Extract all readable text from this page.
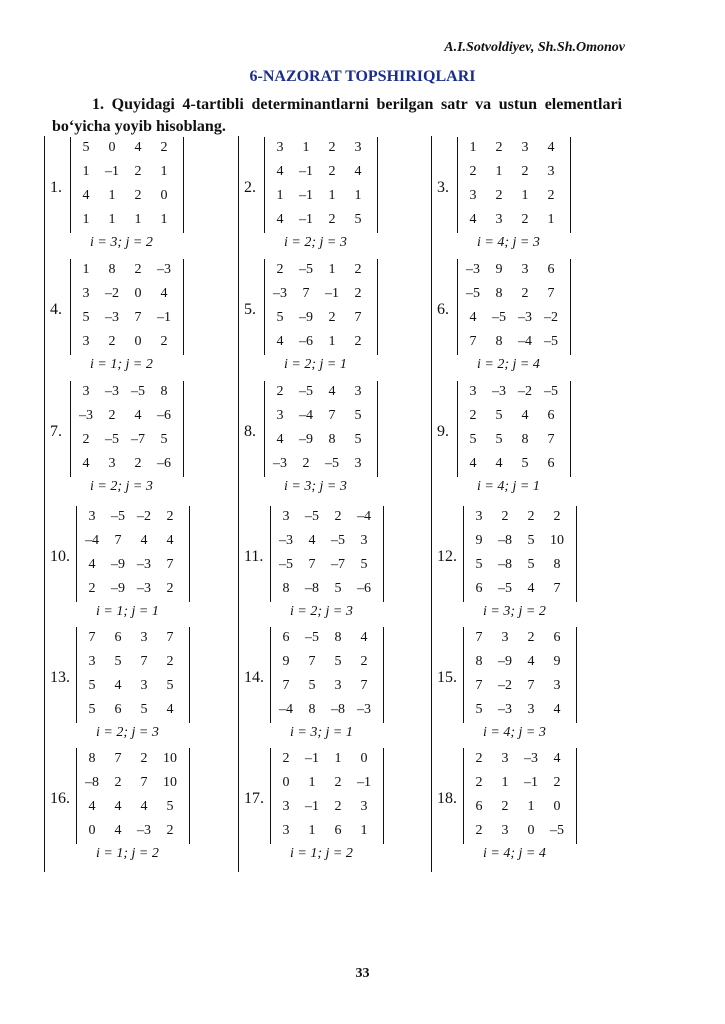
A.I.Sotvoldiyev, Sh.Sh.Omonov
6-NAZORAT TOPSHIRIQLARI
1. Quyidagi 4-tartibli determinantlarni berilgan satr va ustun elementlari bo‘yicha yoyib hisoblang.
1.
5	0	4	2
1	–1	2	1
4	1	2	0
1	1	1	1
i = 3; j = 2
2.
3	1	2	3
4	–1	2	4
1	–1	1	1
4	–1	2	5
i = 2; j = 3
3.
1	2	3	4
2	1	2	3
3	2	1	2
4	3	2	1
i = 4; j = 3
4.
1	8	2	–3
3	–2	0	4
5	–3	7	–1
3	2	0	2
i = 1; j = 2
5.
2	–5	1	2
–3	7	–1	2
5	–9	2	7
4	–6	1	2
i = 2; j = 1
6.
–3	9	3	6
–5	8	2	7
4	–5 –3 –2
7	8	–4 –5
i = 2; j = 4
7.
3	–3 –5	8
–3	2	4	–6
2	–5 –7	5
4	3	2	–6
i = 2; j = 3
8.
2	–5	4	3
3	–4	7	5
4	–9	8	5
–3	2	–5	3
i = 3; j = 3
9.
3	–3 –2 –5
2	5	4	6
5	5	8	7
4	4	5	6
i = 4; j = 1
10.
3	–5 –2	2
–4	7	4	4
4	–9 –3	7
2	–9 –3	2
i = 1; j = 1
11.
3	–5	2	–4
–3	4	–5	3
–5	7	–7	5
8	–8	5	–6
i = 2; j = 3
12.
3	2	2	2
9	–8	5	10
5	–8	5	8
6	–5	4	7
i = 3; j = 2
13.
7	6	3	7
3	5	7	2
5	4	3	5
5	6	5	4
i = 2; j = 3
14.
6	–5	8	4
9	7	5	2
7	5	3	7
–4	8	–8 –3
i = 3; j = 1
15.
7	3	2	6
8	–9	4	9
7	–2	7	3
5	–3	3	4
i = 4; j = 3
16.
8	7	2	10
–8	2	7	10
4	4	4	5
0	4	–3	2
i = 1; j = 2
17.
2	–1	1	0
0	1	2	–1
3	–1	2	3
3	1	6	1
i = 1; j = 2
18.
2	3	–3	4
2	1	–1	2
6	2	1	0
2	3	0	–5
i = 4; j = 4
33
